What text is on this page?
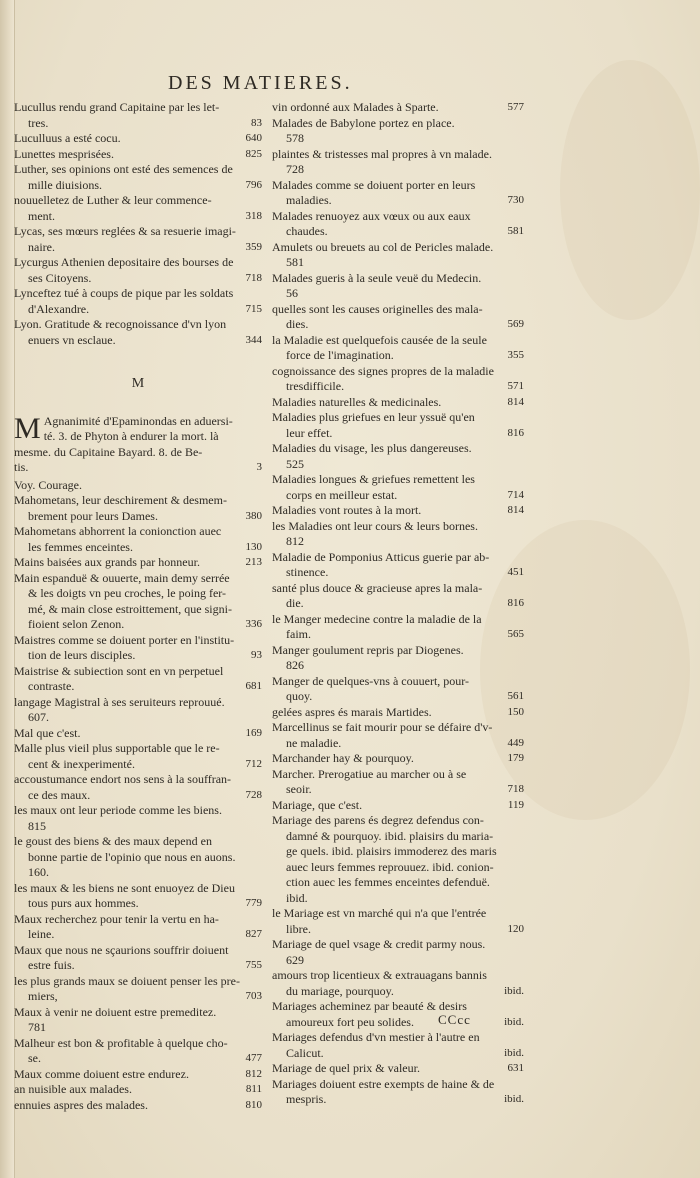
DES MATIERES.
Lucullus rendu grand Capitaine par les let-
tres.	83
Luculluus a esté cocu.	640
Lunettes mesprisées.	825
Luther, ses opinions ont esté des semences de
mille diuisions.	796
nouuelletez de Luther & leur commence-
ment.	318
Lycas, ses mœurs reglées & sa resuerie imagi-
naire.	359
Lycurgus Athenien depositaire des bourses de
ses Citoyens.	718
Lynceftez tué à coups de pique par les soldats
d'Alexandre.	715
Lyon. Gratitude & recognoissance d'vn lyon
enuers vn esclaue.	344
M
M Agnanimité d'Epaminondas en aduersi-
té. 3. de Phyton à endurer la mort. là
mesme. du Capitaine Bayard. 8. de Be-
tis.	3
Voy. Courage.
Mahometans, leur deschirement & desmem-
brement pour leurs Dames.	380
Mahometans abhorrent la conionction auec
les femmes enceintes.	130
Mains baisées aux grands par honneur.	213
Main espanduë & ouuerte, main demy serrée
& les doigts vn peu croches, le poing fer-
mé, & main close estroittement, que signi-
fioient selon Zenon.	336
Maistres comme se doiuent porter en l'institu-
tion de leurs disciples.	93
Maistrise & subiection sont en vn perpetuel
contraste.	681
langage Magistral à ses seruiteurs reprouué.
607.
Mal que c'est.	169
Malle plus vieil plus supportable que le re-
cent & inexperimenté.	712
accoustumance endort nos sens à la souffran-
ce des maux.	728
les maux ont leur periode comme les biens.
815
le goust des biens & des maux depend en
bonne partie de l'opinio que nous en auons.
160.
les maux & les biens ne sont enuoyez de Dieu
tous purs aux hommes.	779
Maux recherchez pour tenir la vertu en ha-
leine.	827
Maux que nous ne sçaurions souffrir doiuent
estre fuis.	755
les plus grands maux se doiuent penser les pre-
miers,	703
Maux à venir ne doiuent estre premeditez.
781
Malheur est bon & profitable à quelque cho-
se.	477
Maux comme doiuent estre endurez.	812
an nuisible aux malades.	811
ennuies aspres des malades.	810
vin ordonné aux Malades à Sparte.	577
Malades de Babylone portez en place.
578
plaintes & tristesses mal propres à vn malade.
728
Malades comme se doiuent porter en leurs
maladies.	730
Malades renuoyez aux vœux ou aux eaux
chaudes.	581
Amulets ou breuets au col de Pericles malade.
581
Malades gueris à la seule veuë du Medecin.
56
quelles sont les causes originelles des mala-
dies.	569
la Maladie est quelquefois causée de la seule
force de l'imagination.	355
cognoissance des signes propres de la maladie
tresdifficile.	571
Maladies naturelles & medicinales.	814
Maladies plus griefues en leur yssuë qu'en
leur effet.	816
Maladies du visage, les plus dangereuses.
525
Maladies longues & griefues remettent les
corps en meilleur estat.	714
Maladies vont routes à la mort.	814
les Maladies ont leur cours & leurs bornes.
812
Maladie de Pomponius Atticus guerie par ab-
stinence.	451
santé plus douce & gracieuse apres la mala-
die.	816
le Manger medecine contre la maladie de la
faim.	565
Manger goulument repris par Diogenes.
826
Manger de quelques-vns à couuert, pour-
quoy.	561
gelées aspres és marais Martides.	150
Marcellinus se fait mourir pour se défaire d'v-
ne maladie.	449
Marchander hay & pourquoy.	179
Marcher. Prerogatiue au marcher ou à se
seoir.	718
Mariage, que c'est.	119
Mariage des parens és degrez defendus con-
damné & pourquoy. ibid. plaisirs du maria-
ge quels. ibid. plaisirs immoderez des maris
auec leurs femmes reprouuez. ibid. conion-
ction auec les femmes enceintes defenduë.
ibid.
le Mariage est vn marché qui n'a que l'entrée
libre.	120
Mariage de quel vsage & credit parmy nous.
629
amours trop licentieux & extrauagans bannis
du mariage, pourquoy.	ibid.
Mariages acheminez par beauté & desirs
amoureux fort peu solides.	ibid.
Mariages defendus d'vn mestier à l'autre en
Calicut.	ibid.
Mariage de quel prix & valeur.	631
Mariages doiuent estre exempts de haine & de
mespris.	ibid.
CCcc
